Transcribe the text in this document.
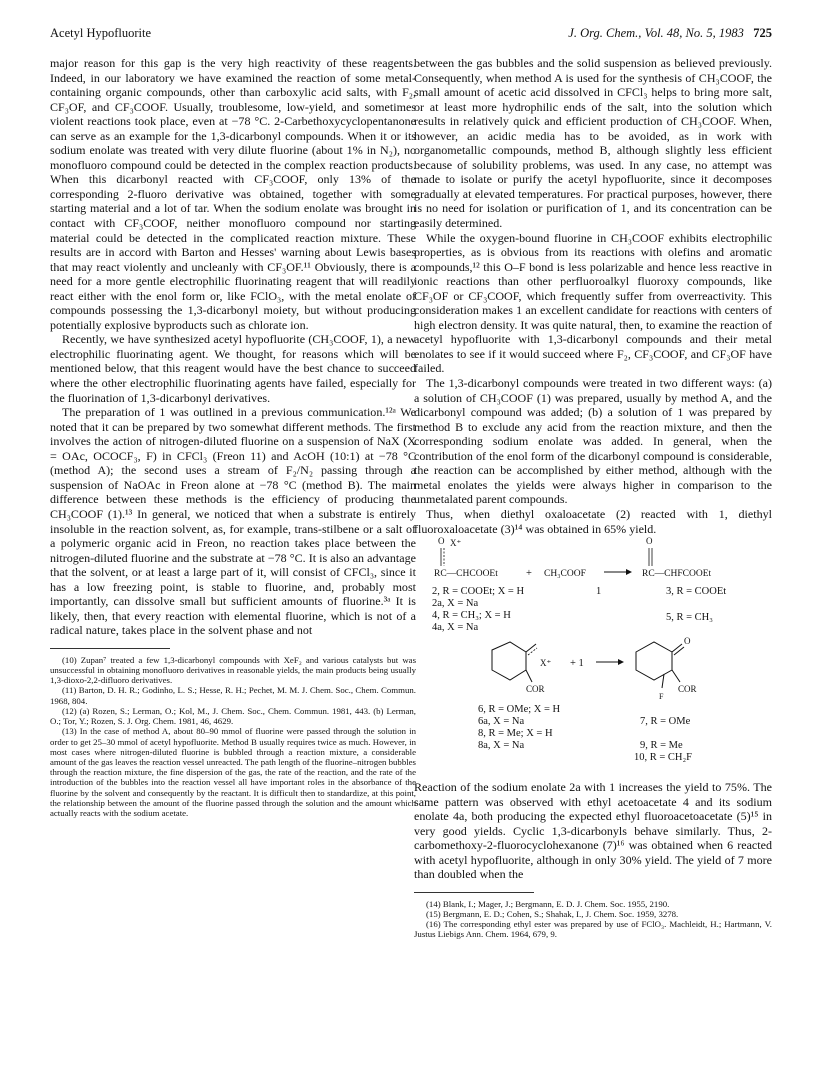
Acetyl Hypofluorite	J. Org. Chem., Vol. 48, No. 5, 1983 725

major reason for this gap is the very high reactivity of these reagents. Indeed, in our laboratory we have examined the reaction of some metal-containing organic compounds, other than carboxylic acid salts, with F₂, CF₃OF, and CF₃COOF. Usually, troublesome, low-yield, and sometimes violent reactions took place, even at −78 °C. 2-Carbethoxycyclopentanone can serve as an example for the 1,3-dicarbonyl compounds. When it or its sodium enolate was treated with very dilute fluorine (about 1% in N₂), no monofluoro compound could be detected in the complex reaction products. When this dicarbonyl reacted with CF₃COOF, only 13% of the corresponding 2-fluoro derivative was obtained, together with some starting material and a lot of tar. When the sodium enolate was brought in contact with CF₃COOF, neither monofluoro compound nor starting material could be detected in the complicated reaction mixture. These results are in accord with Barton and Hesses' warning about Lewis bases that may react violently and uncleanly with CF₃OF.¹¹ Obviously, there is a need for a more gentle electrophilic fluorinating reagent that will readily react either with the enol form or, like FClO₃, with the metal enolate of compounds possessing the 1,3-dicarbonyl moiety, but without producing potentially explosive byproducts such as chlorate ion.

Recently, we have synthesized acetyl hypofluorite (CH₃COOF, 1), a new electrophilic fluorinating agent. We thought, for reasons which will be mentioned below, that this reagent would have the best chance to succeed where the other electrophilic fluorinating agents have failed, especially for the fluorination of 1,3-dicarbonyl derivatives.

The preparation of 1 was outlined in a previous communication.¹²ᵃ We noted that it can be prepared by two somewhat different methods. The first involves the action of nitrogen-diluted fluorine on a suspension of NaX (X = OAc, OCOCF₃, F) in CFCl₃ (Freon 11) and AcOH (10:1) at −78 °C (method A); the second uses a stream of F₂/N₂ passing through a suspension of NaOAc in Freon alone at −78 °C (method B). The main difference between these methods is the efficiency of producing the CH₃COOF (1).¹³ In general, we noticed that when a substrate is entirely insoluble in the reaction solvent, as, for example, trans-stilbene or a salt of a polymeric organic acid in Freon, no reaction takes place between the nitrogen-diluted fluorine and the substrate at −78 °C. It is also an advantage that the solvent, or at least a large part of it, will consist of CFCl₃, since it has a low freezing point, is stable to fluorine, and, probably most importantly, can dissolve small but sufficient amounts of fluorine.³ᵃ It is likely, then, that every reaction with elemental fluorine, which is not of a radical nature, takes place in the solvent phase and not

(10) Zupan⁷ treated a few 1,3-dicarbonyl compounds with XeF₂ and various catalysts but was unsuccessful in obtaining monofluoro derivatives in reasonable yields, the main products being usually 1,3-dioxo-2,2-difluoro derivatives.

(11) Barton, D. H. R.; Godinho, L. S.; Hesse, R. H.; Pechet, M. M. J. Chem. Soc., Chem. Commun. 1968, 804.

(12) (a) Rozen, S.; Lerman, O.; Kol, M., J. Chem. Soc., Chem. Commun. 1981, 443. (b) Lerman, O.; Tor, Y.; Rozen, S. J. Org. Chem. 1981, 46, 4629.

(13) In the case of method A, about 80–90 mmol of fluorine were passed through the solution in order to get 25–30 mmol of acetyl hypofluorite. Method B usually requires twice as much. However, in most cases where nitrogen-diluted fluorine is bubbled through a reaction mixture, a considerable amount of the gas leaves the reaction vessel unreacted. The path length of the fluorine–nitrogen bubbles through the reaction mixture, the fine dispersion of the gas, the rate of the reaction, and the rate of the introduction of the bubbles into the reaction vessel all have important roles in the absorbance of the fluorine by the solvent and consequently by the reactant. It is difficult then to standardize, at this point, the relationship between the amount of the fluorine passed through the solution and the amount which actually reacts with the sodium acetate.

between the gas bubbles and the solid suspension as believed previously. Consequently, when method A is used for the synthesis of CH₃COOF, the small amount of acetic acid dissolved in CFCl₃ helps to bring more salt, or at least more hydrophilic ends of the salt, into the solution which results in relatively quick and efficient production of CH₃COOF. When, however, an acidic media has to be avoided, as in work with organometallic compounds, method B, although slightly less efficient because of solubility problems, was used. In any case, no attempt was made to isolate or purify the acetyl hypofluorite, since it decomposes gradually at elevated temperatures. For practical purposes, however, there is no need for isolation or purification of 1, and its concentration can be easily determined.

While the oxygen-bound fluorine in CH₃COOF exhibits electrophilic properties, as is obvious from its reactions with olefins and aromatic compounds,¹² this O–F bond is less polarizable and hence less reactive in ionic reactions than other perfluoroalkyl fluoroxy compounds, like CF₃OF or CF₃COOF, which frequently suffer from overreactivity. This consideration makes 1 an excellent candidate for reactions with centers of high electron density. It was quite natural, then, to examine the reaction of acetyl hypofluorite with 1,3-dicarbonyl compounds and their metal enolates to see if it would succeed where F₂, CF₃COOF, and CF₃OF have failed.

The 1,3-dicarbonyl compounds were treated in two different ways: (a) a solution of CH₃COOF (1) was prepared, usually by method A, and the dicarbonyl compound was added; (b) a solution of 1 was prepared by method B to exclude any acid from the reaction mixture, and then the corresponding sodium enolate was added. In general, when the contribution of the enol form of the dicarbonyl compound is considerable, the reaction can be accomplished by either method, although with the metal enolates the yields were always higher in comparison to the unmetalated parent compounds.

Thus, when diethyl oxaloacetate (2) reacted with 1, diethyl fluoroxaloacetate (3)¹⁴ was obtained in 65% yield.

O X⁺
RC—CHCOOEt	+ CH₃COOF
O
RC—CHFCOOEt
1
2, R = COOEt; X = H	3, R = COOEt
2a, X = Na
4, R = CH₃; X = H	5, R = CH₃
4a, X = Na
X⁺
COR
+ 1
O
COR
F
6, R = OMe; X = H
6a, X = Na	7, R = OMe
8, R = Me; X = H
8a, X = Na	9, R = Me
10, R = CH₂F

Reaction of the sodium enolate 2a with 1 increases the yield to 75%. The same pattern was observed with ethyl acetoacetate 4 and its sodium enolate 4a, both producing the expected ethyl fluoroacetoacetate (5)¹⁵ in very good yields. Cyclic 1,3-dicarbonyls behave similarly. Thus, 2-carbomethoxy-2-fluorocyclohexanone (7)¹⁶ was obtained when 6 reacted with acetyl hypofluorite, although in only 30% yield. The yield of 7 more than doubled when the

(14) Blank, I.; Mager, J.; Bergmann, E. D. J. Chem. Soc. 1955, 2190.

(15) Bergmann, E. D.; Cohen, S.; Shahak, I., J. Chem. Soc. 1959, 3278.

(16) The corresponding ethyl ester was prepared by use of FClO₃. Machleidt, H.; Hartmann, V. Justus Liebigs Ann. Chem. 1964, 679, 9.
